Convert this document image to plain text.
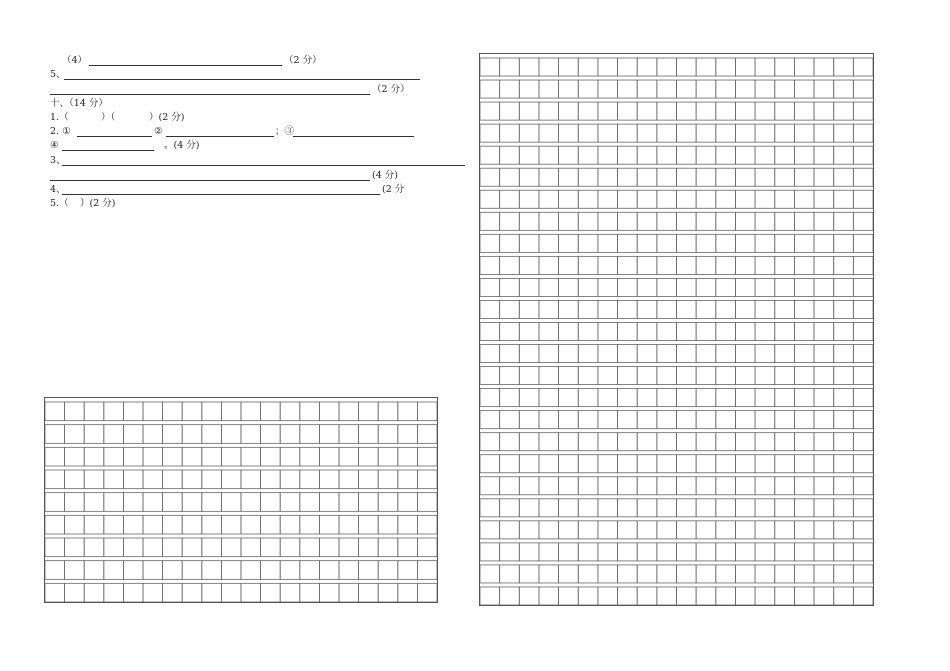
（4）	（2 分）
5、
（2 分）
十、（14 分）
1.（	）（	）(2 分)
2. ①	②	；③
④	。(4 分)
3、
(4 分)
4、	(2 分
5.（ ）(2 分)
